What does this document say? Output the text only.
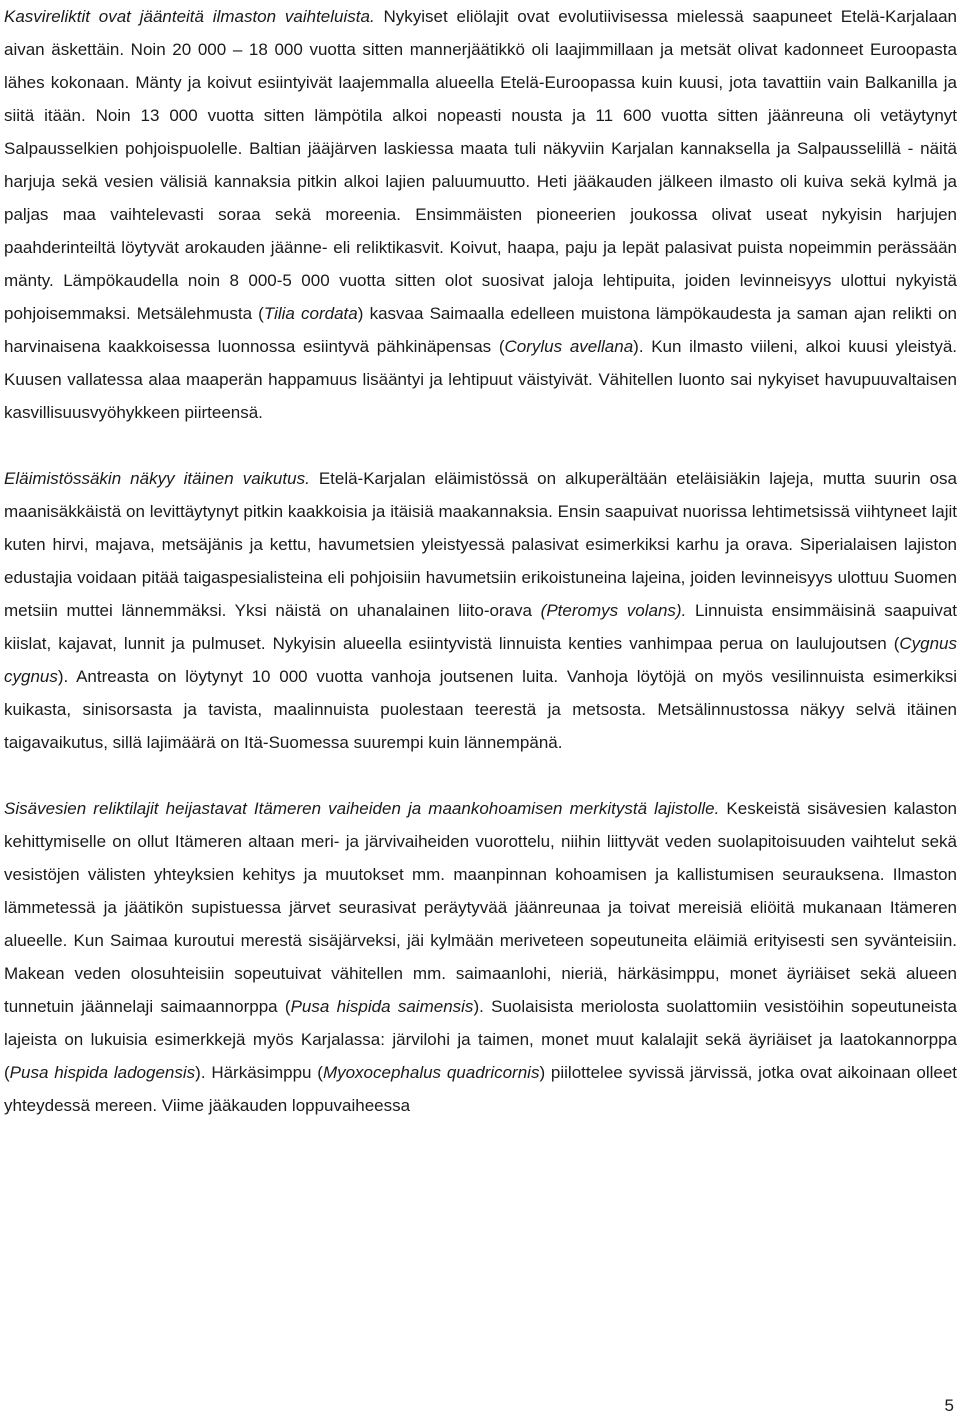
Kasvireliktit ovat jäänteitä ilmaston vaihteluista. Nykyiset eliölajit ovat evolutiivisessa mielessä saapuneet Etelä-Karjalaan aivan äskettäin. Noin 20 000 – 18 000 vuotta sitten mannerjäätikkö oli laajimmillaan ja metsät olivat kadonneet Euroopasta lähes kokonaan. Mänty ja koivut esiintyivät laajemmalla alueella Etelä-Euroopassa kuin kuusi, jota tavattiin vain Balkanilla ja siitä itään. Noin 13 000 vuotta sitten lämpötila alkoi nopeasti nousta ja 11 600 vuotta sitten jäänreuna oli vetäytynyt Salpausselkien pohjoispuolelle. Baltian jääjärven laskiessa maata tuli näkyviin Karjalan kannaksella ja Salpausselillä - näitä harjuja sekä vesien välisiä kannaksia pitkin alkoi lajien paluumuutto. Heti jääkauden jälkeen ilmasto oli kuiva sekä kylmä ja paljas maa vaihtelevasti soraa sekä moreenia. Ensimmäisten pioneerien joukossa olivat useat nykyisin harjujen paahderinteiltä löytyvät arokauden jäänne- eli reliktikasvit. Koivut, haapa, paju ja lepät palasivat puista nopeimmin perässään mänty. Lämpökaudella noin 8 000-5 000 vuotta sitten olot suosivat jaloja lehtipuita, joiden levinneisyys ulottui nykyistä pohjoisemmaksi. Metsälehmusta (Tilia cordata) kasvaa Saimaalla edelleen muistona lämpökaudesta ja saman ajan relikti on harvinaisena kaakkoisessa luonnossa esiintyvä pähkinäpensas (Corylus avellana). Kun ilmasto viileni, alkoi kuusi yleistyä. Kuusen vallatessa alaa maaperän happamuus lisääntyi ja lehtipuut väistyivät. Vähitellen luonto sai nykyiset havupuuvaltaisen kasvillisuusvyöhykkeen piirteensä.

Eläimistössäkin näkyy itäinen vaikutus. Etelä-Karjalan eläimistössä on alkuperältään eteläisiäkin lajeja, mutta suurin osa maanisäkkäistä on levittäytynyt pitkin kaakkoisia ja itäisiä maakannaksia. Ensin saapuivat nuorissa lehtimetsissä viihtyneet lajit kuten hirvi, majava, metsäjänis ja kettu, havumetsien yleistyessä palasivat esimerkiksi karhu ja orava. Siperialaisen lajiston edustajia voidaan pitää taigaspesialisteina eli pohjoisiin havumetsiin erikoistuneina lajeina, joiden levinneisyys ulottuu Suomen metsiin muttei lännemmäksi. Yksi näistä on uhanalainen liito-orava (Pteromys volans). Linnuista ensimmäisinä saapuivat kiislat, kajavat, lunnit ja pulmuset. Nykyisin alueella esiintyvistä linnuista kenties vanhimpaa perua on laulujoutsen (Cygnus cygnus). Antreasta on löytynyt 10 000 vuotta vanhoja joutsenen luita. Vanhoja löytöjä on myös vesilinnuista esimerkiksi kuikasta, sinisorsasta ja tavista, maalinnuista puolestaan teerestä ja metsosta. Metsälinnustossa näkyy selvä itäinen taigavaikutus, sillä lajimäärä on Itä-Suomessa suurempi kuin lännempänä.

Sisävesien reliktilajit heijastavat Itämeren vaiheiden ja maankohoamisen merkitystä lajistolle. Keskeistä sisävesien kalaston kehittymiselle on ollut Itämeren altaan meri- ja järvivaiheiden vuorottelu, niihin liittyvät veden suolapitoisuuden vaihtelut sekä vesistöjen välisten yhteyksien kehitys ja muutokset mm. maanpinnan kohoamisen ja kallistumisen seurauksena. Ilmaston lämmetessä ja jäätikön supistuessa järvet seurasivat peräytyvää jäänreunaa ja toivat mereisiä eliöitä mukanaan Itämeren alueelle. Kun Saimaa kuroutui merestä sisäjärveksi, jäi kylmään meriveteen sopeutuneita eläimiä erityisesti sen syvänteisiin. Makean veden olosuhteisiin sopeutuivat vähitellen mm. saimaanlohi, nieriä, härkäsimppu, monet äyriäiset sekä alueen tunnetuin jäännelaji saimaannorppa (Pusa hispida saimensis). Suolaisista meriolosta suolattomiin vesistöihin sopeutuneista lajeista on lukuisia esimerkkejä myös Karjalassa: järvilohi ja taimen, monet muut kalalajit sekä äyriäiset ja laatokannorppa (Pusa hispida ladogensis). Härkäsimppu (Myoxocephalus quadricornis) piilottelee syvissä järvissä, jotka ovat aikoinaan olleet yhteydessä mereen. Viime jääkauden loppuvaiheessa

5
